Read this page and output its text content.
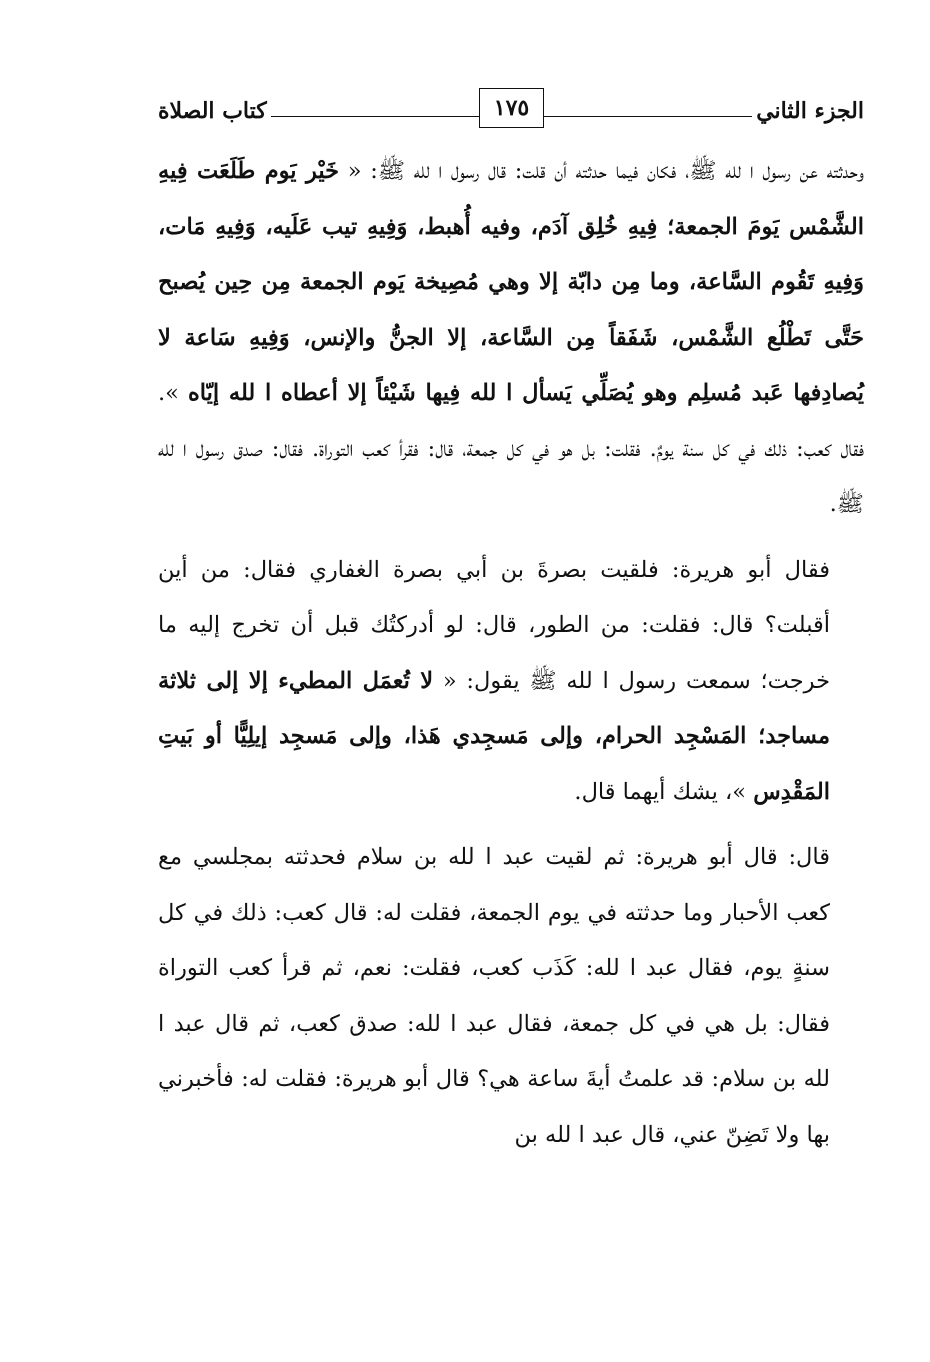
الجزء الثاني
١٧٥
كتاب الصلاة

وحدثته عن رسول ا لله ﷺ، فكان فيما حدثته أن قلت: قال رسول ا لله ﷺ: « خَيْر يَوم طَلَعَت فِيهِ الشَّمْس يَومَ الجمعة؛ فِيهِ خُلِق آدَم، وفيه أُهبط، وَفِيهِ تيب عَلَيه، وَفِيهِ مَات، وَفِيهِ تَقُوم السَّاعة، وما مِن دابّة إلا وهي مُصِيخة يَوم الجمعة مِن حِين يُصبح حَتَّى تَطْلُع الشَّمْس، شَفَقاً مِن السَّاعة، إلا الجنُّ والإنس، وَفِيهِ سَاعة لا يُصادِفها عَبد مُسلِم وهو يُصَلِّي يَسأل ا لله فِيها شَيْئاً إلا أعطاه ا لله إيّاه ». فقال كعب: ذلك في كل سنة يومٌ. فقلت: بل هو في كل جمعة، قال: فقرأ كعب التوراة. فقال: صدق رسول ا لله ﷺ.

فقال أبو هريرة: فلقيت بصرةَ بن أبي بصرة الغفاري فقال: من أين أقبلت؟ قال: فقلت: من الطور، قال: لو أدركتُك قبل أن تخرج إليه ما خرجت؛ سمعت رسول ا لله ﷺ يقول: « لا تُعمَل المطيء إلا إلى ثلاثة مساجد؛ المَسْجِد الحرام، وإلى مَسجِدي هَذا، وإلى مَسجِد إيلِيًّا أو بَيتِ المَقْدِس »، يشك أيهما قال.

قال: قال أبو هريرة: ثم لقيت عبد ا لله بن سلام فحدثته بمجلسي مع كعب الأحبار وما حدثته في يوم الجمعة، فقلت له: قال كعب: ذلك في كل سنةٍ يوم، فقال عبد ا لله: كَذَب كعب، فقلت: نعم، ثم قرأ كعب التوراة فقال: بل هي في كل جمعة، فقال عبد ا لله: صدق كعب، ثم قال عبد ا لله بن سلام: قد علمتُ أيةَ ساعة هي؟ قال أبو هريرة: فقلت له: فأخبرني بها ولا تَضِنّ عني، قال عبد ا لله بن
